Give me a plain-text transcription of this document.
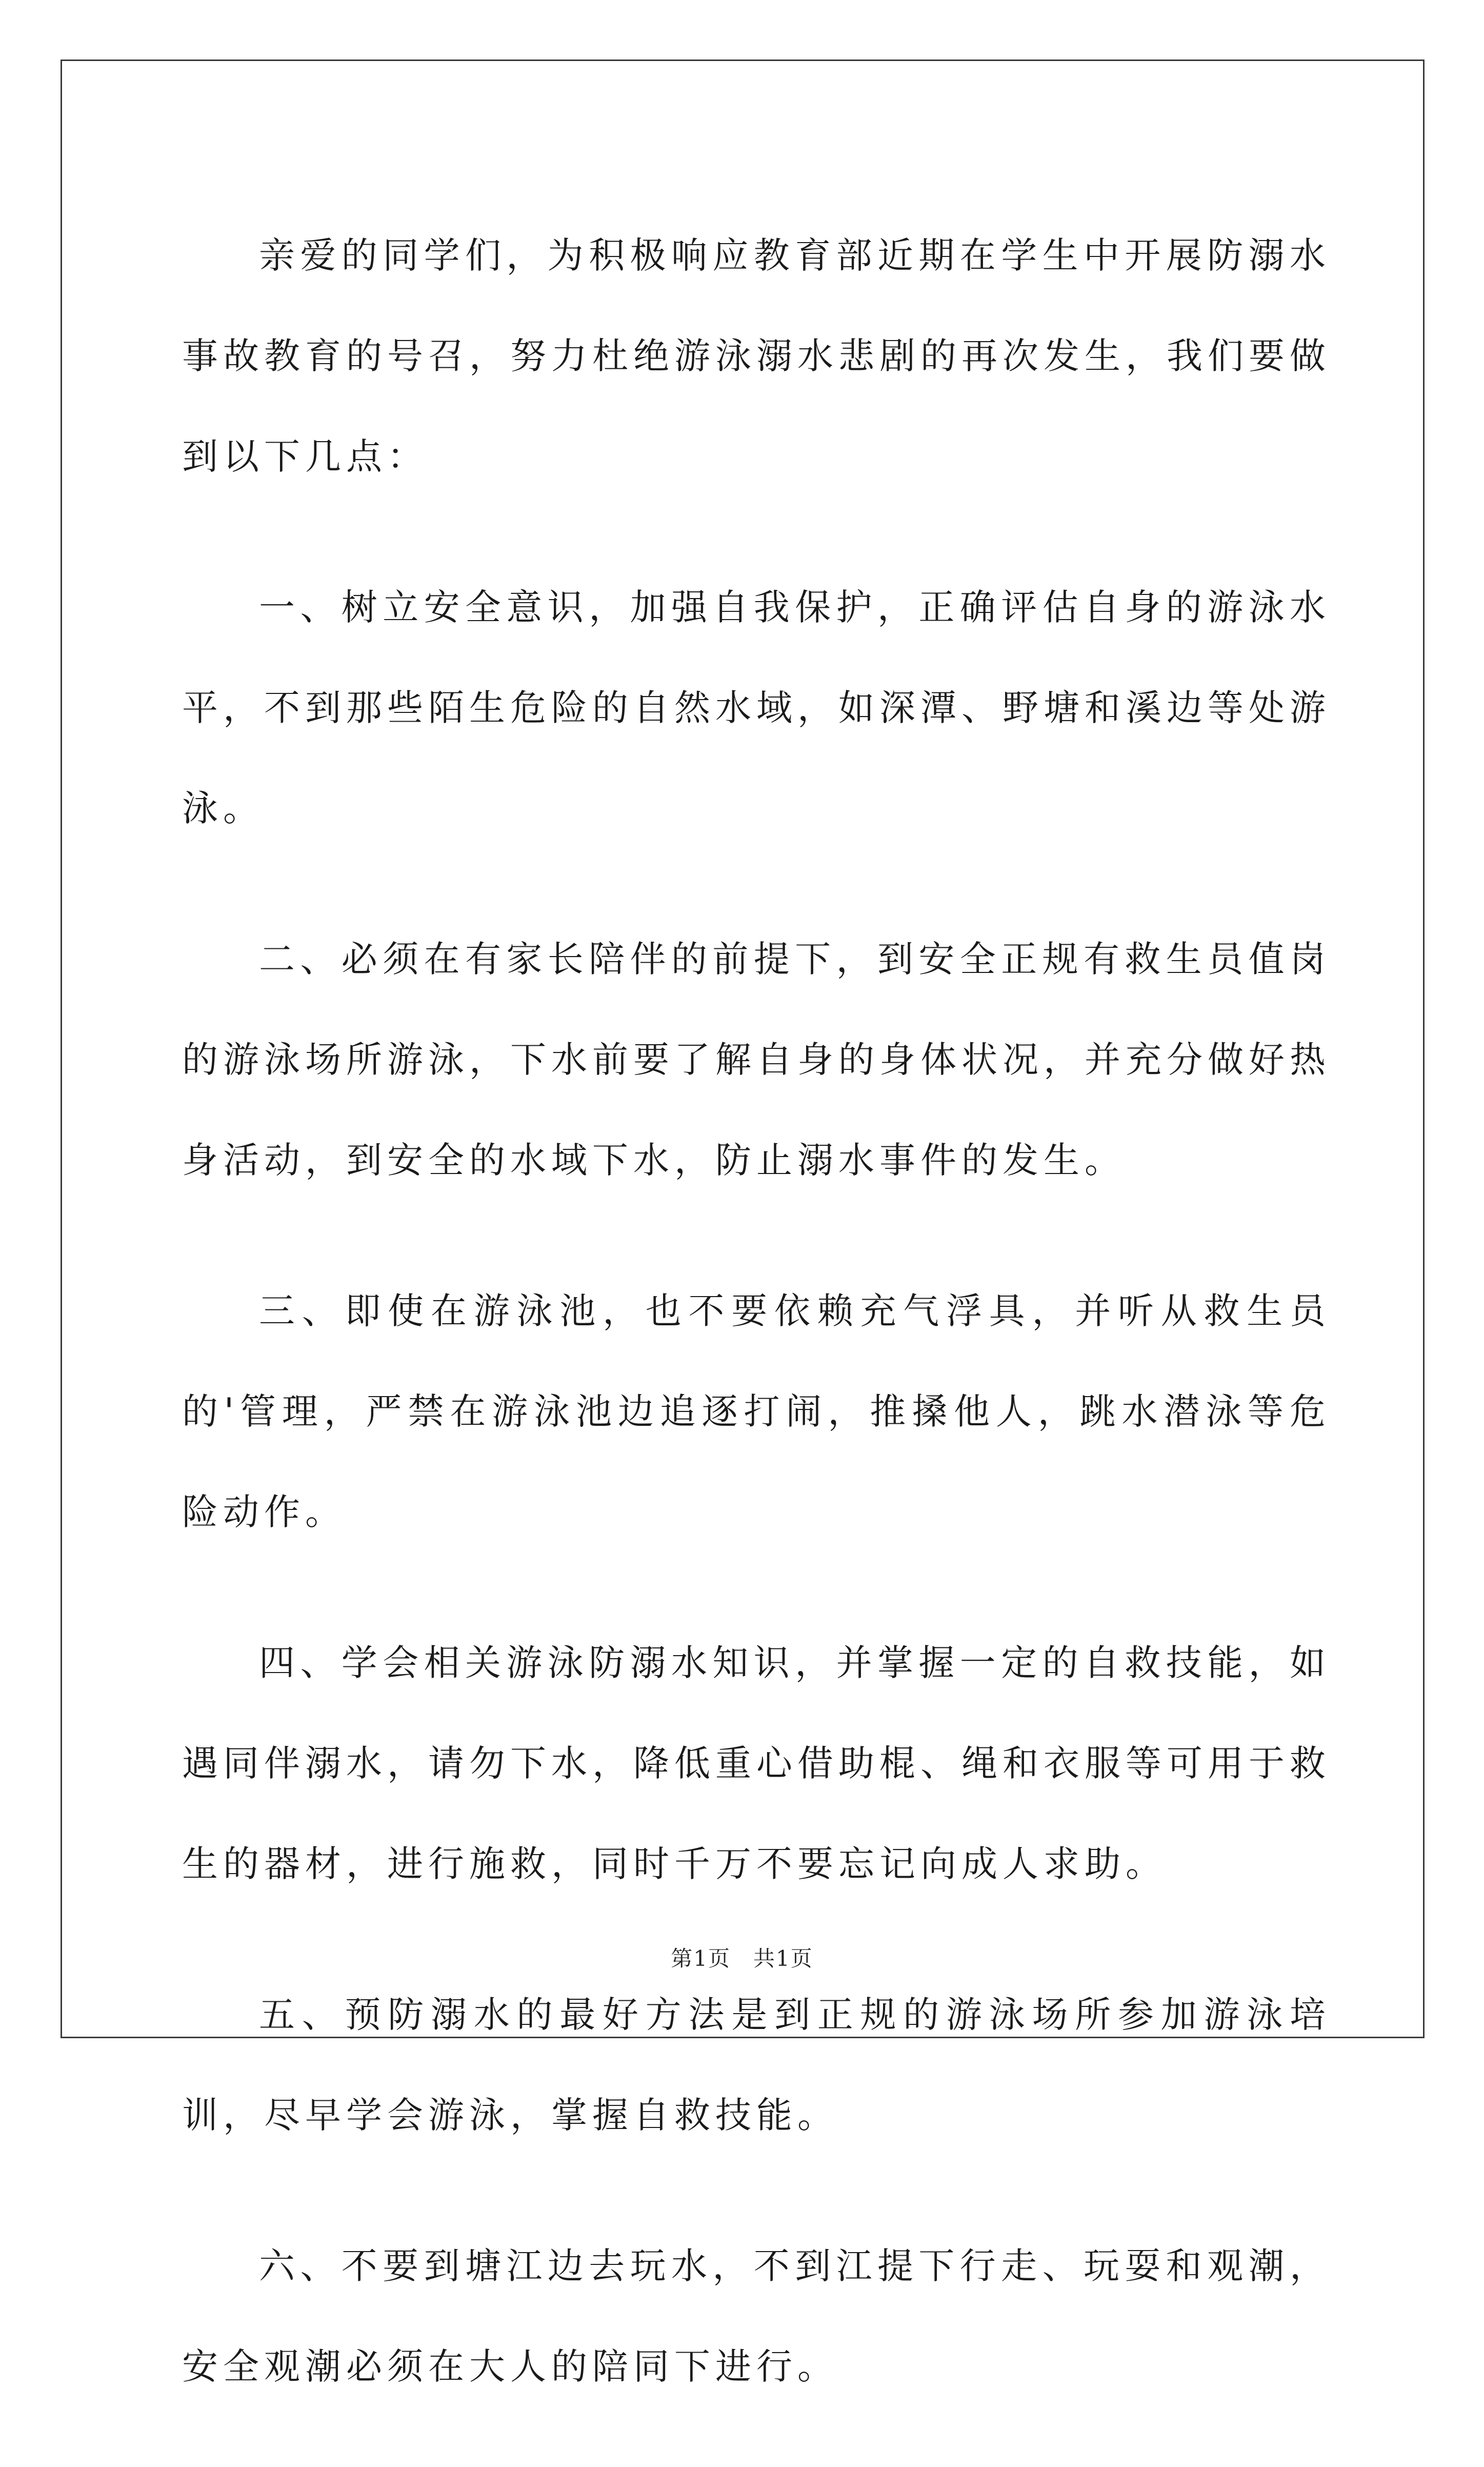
亲爱的同学们，为积极响应教育部近期在学生中开展防溺水事故教育的号召，努力杜绝游泳溺水悲剧的再次发生，我们要做到以下几点：

一、树立安全意识，加强自我保护，正确评估自身的游泳水平，不到那些陌生危险的自然水域，如深潭、野塘和溪边等处游泳。

二、必须在有家长陪伴的前提下，到安全正规有救生员值岗的游泳场所游泳，下水前要了解自身的身体状况，并充分做好热身活动，到安全的水域下水，防止溺水事件的发生。

三、即使在游泳池，也不要依赖充气浮具，并听从救生员的'管理，严禁在游泳池边追逐打闹，推搡他人，跳水潜泳等危险动作。

四、学会相关游泳防溺水知识，并掌握一定的自救技能，如遇同伴溺水，请勿下水，降低重心借助棍、绳和衣服等可用于救生的器材，进行施救，同时千万不要忘记向成人求助。

五、预防溺水的最好方法是到正规的游泳场所参加游泳培训，尽早学会游泳，掌握自救技能。

六、不要到塘江边去玩水，不到江提下行走、玩耍和观潮，安全观潮必须在大人的陪同下进行。

第1页　共1页
